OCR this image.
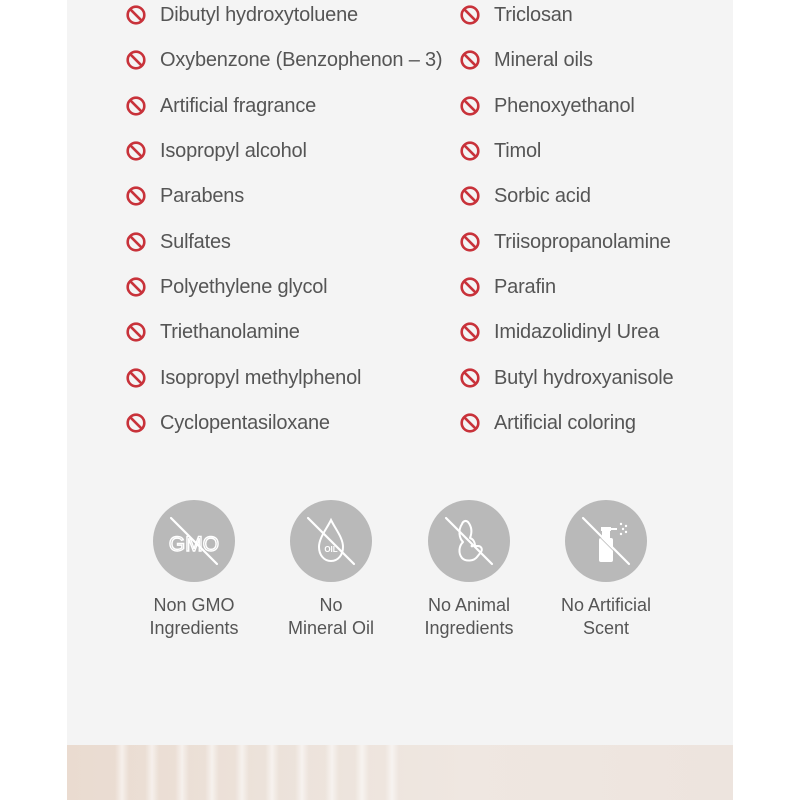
Dibutyl hydroxytoluene
Oxybenzone (Benzophenon – 3)
Artificial fragrance
Isopropyl alcohol
Parabens
Sulfates
Polyethylene glycol
Triethanolamine
Isopropyl methylphenol
Cyclopentasiloxane
Triclosan
Mineral oils
Phenoxyethanol
Timol
Sorbic acid
Triisopropanolamine
Parafin
Imidazolidinyl Urea
Butyl hydroxyanisole
Artificial coloring
GMO
Non GMO
Ingredients
OIL
No
Mineral Oil
No Animal
Ingredients
No Artificial
Scent
